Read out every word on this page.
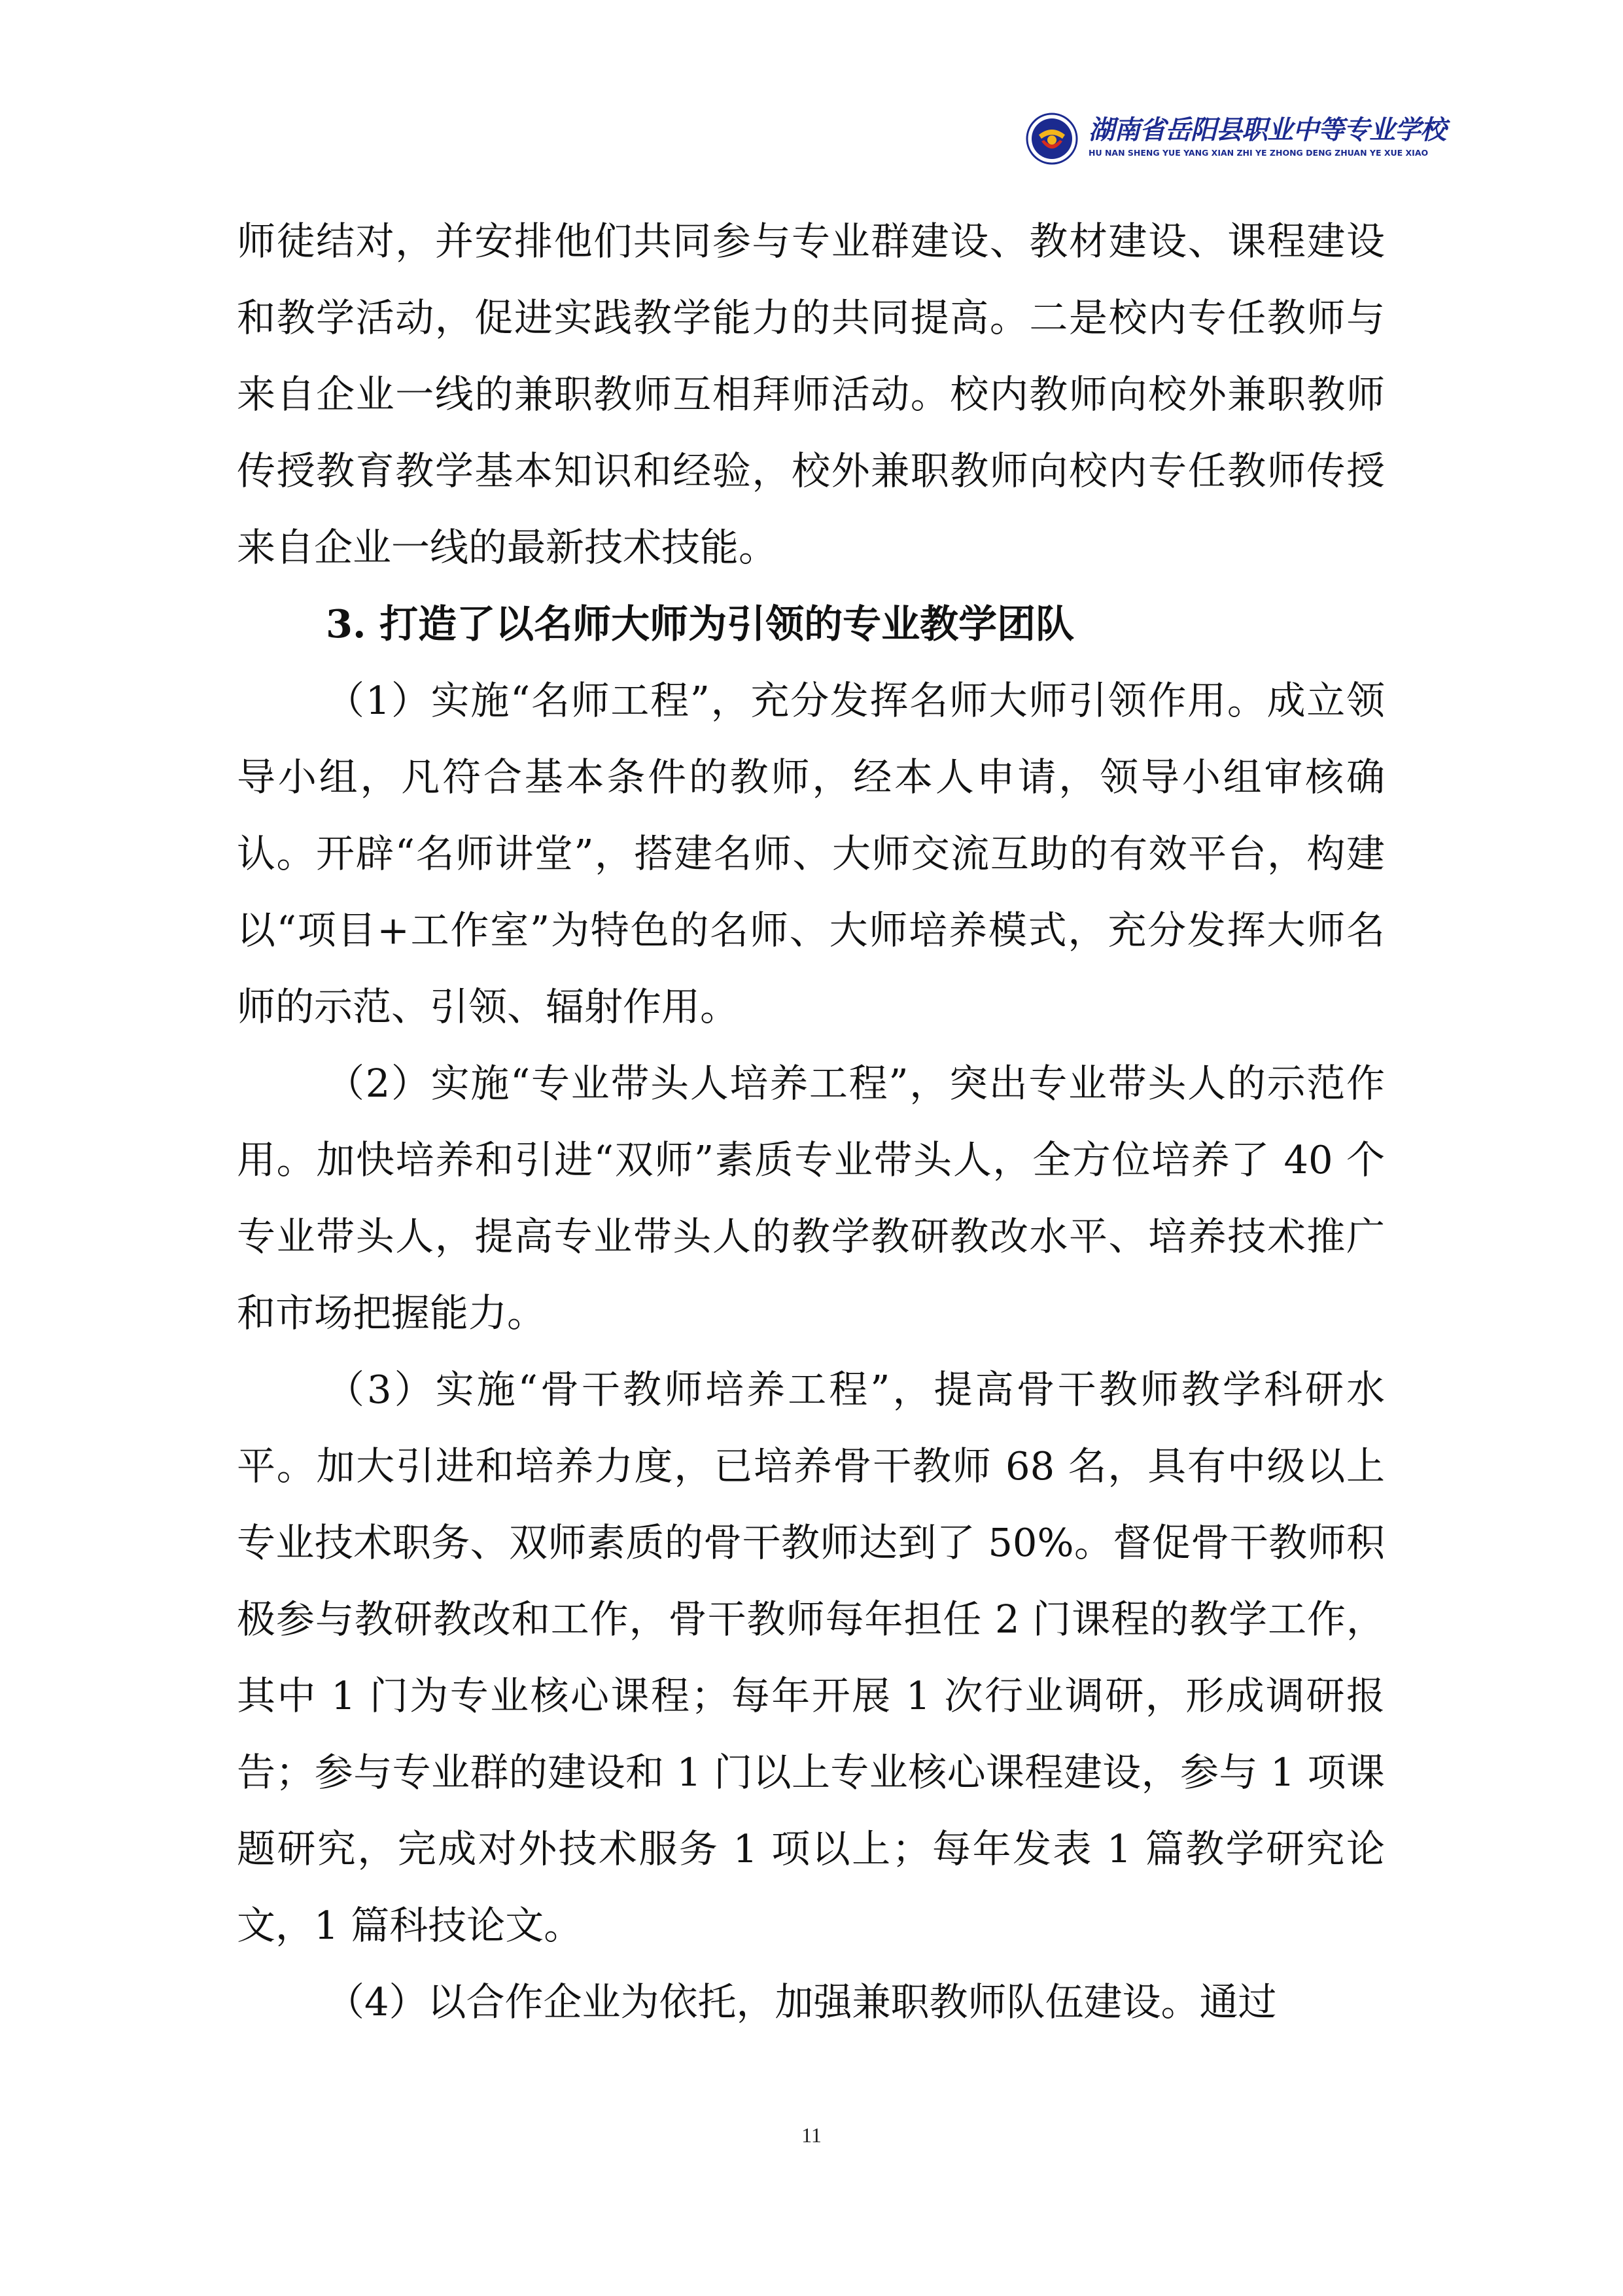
湖南省岳阳县职业中等专业学校
HU NAN SHENG YUE YANG XIAN ZHI YE ZHONG DENG ZHUAN YE XUE XIAO

师徒结对，并安排他们共同参与专业群建设、教材建设、课程建设和教学活动，促进实践教学能力的共同提高。二是校内专任教师与来自企业一线的兼职教师互相拜师活动。校内教师向校外兼职教师传授教育教学基本知识和经验，校外兼职教师向校内专任教师传授来自企业一线的最新技术技能。

3. 打造了以名师大师为引领的专业教学团队

（1）实施“名师工程”，充分发挥名师大师引领作用。成立领导小组，凡符合基本条件的教师，经本人申请，领导小组审核确认。开辟“名师讲堂”，搭建名师、大师交流互助的有效平台，构建以“项目+工作室”为特色的名师、大师培养模式，充分发挥大师名师的示范、引领、辐射作用。

（2）实施“专业带头人培养工程”，突出专业带头人的示范作用。加快培养和引进“双师”素质专业带头人，全方位培养了 40 个专业带头人，提高专业带头人的教学教研教改水平、培养技术推广和市场把握能力。

（3）实施“骨干教师培养工程”，提高骨干教师教学科研水平。加大引进和培养力度，已培养骨干教师 68 名，具有中级以上专业技术职务、双师素质的骨干教师达到了 50%。督促骨干教师积极参与教研教改和工作，骨干教师每年担任 2 门课程的教学工作，其中 1 门为专业核心课程；每年开展 1 次行业调研，形成调研报告；参与专业群的建设和 1 门以上专业核心课程建设，参与 1 项课题研究，完成对外技术服务 1 项以上；每年发表 1 篇教学研究论文，1 篇科技论文。

（4）以合作企业为依托，加强兼职教师队伍建设。通过

11
